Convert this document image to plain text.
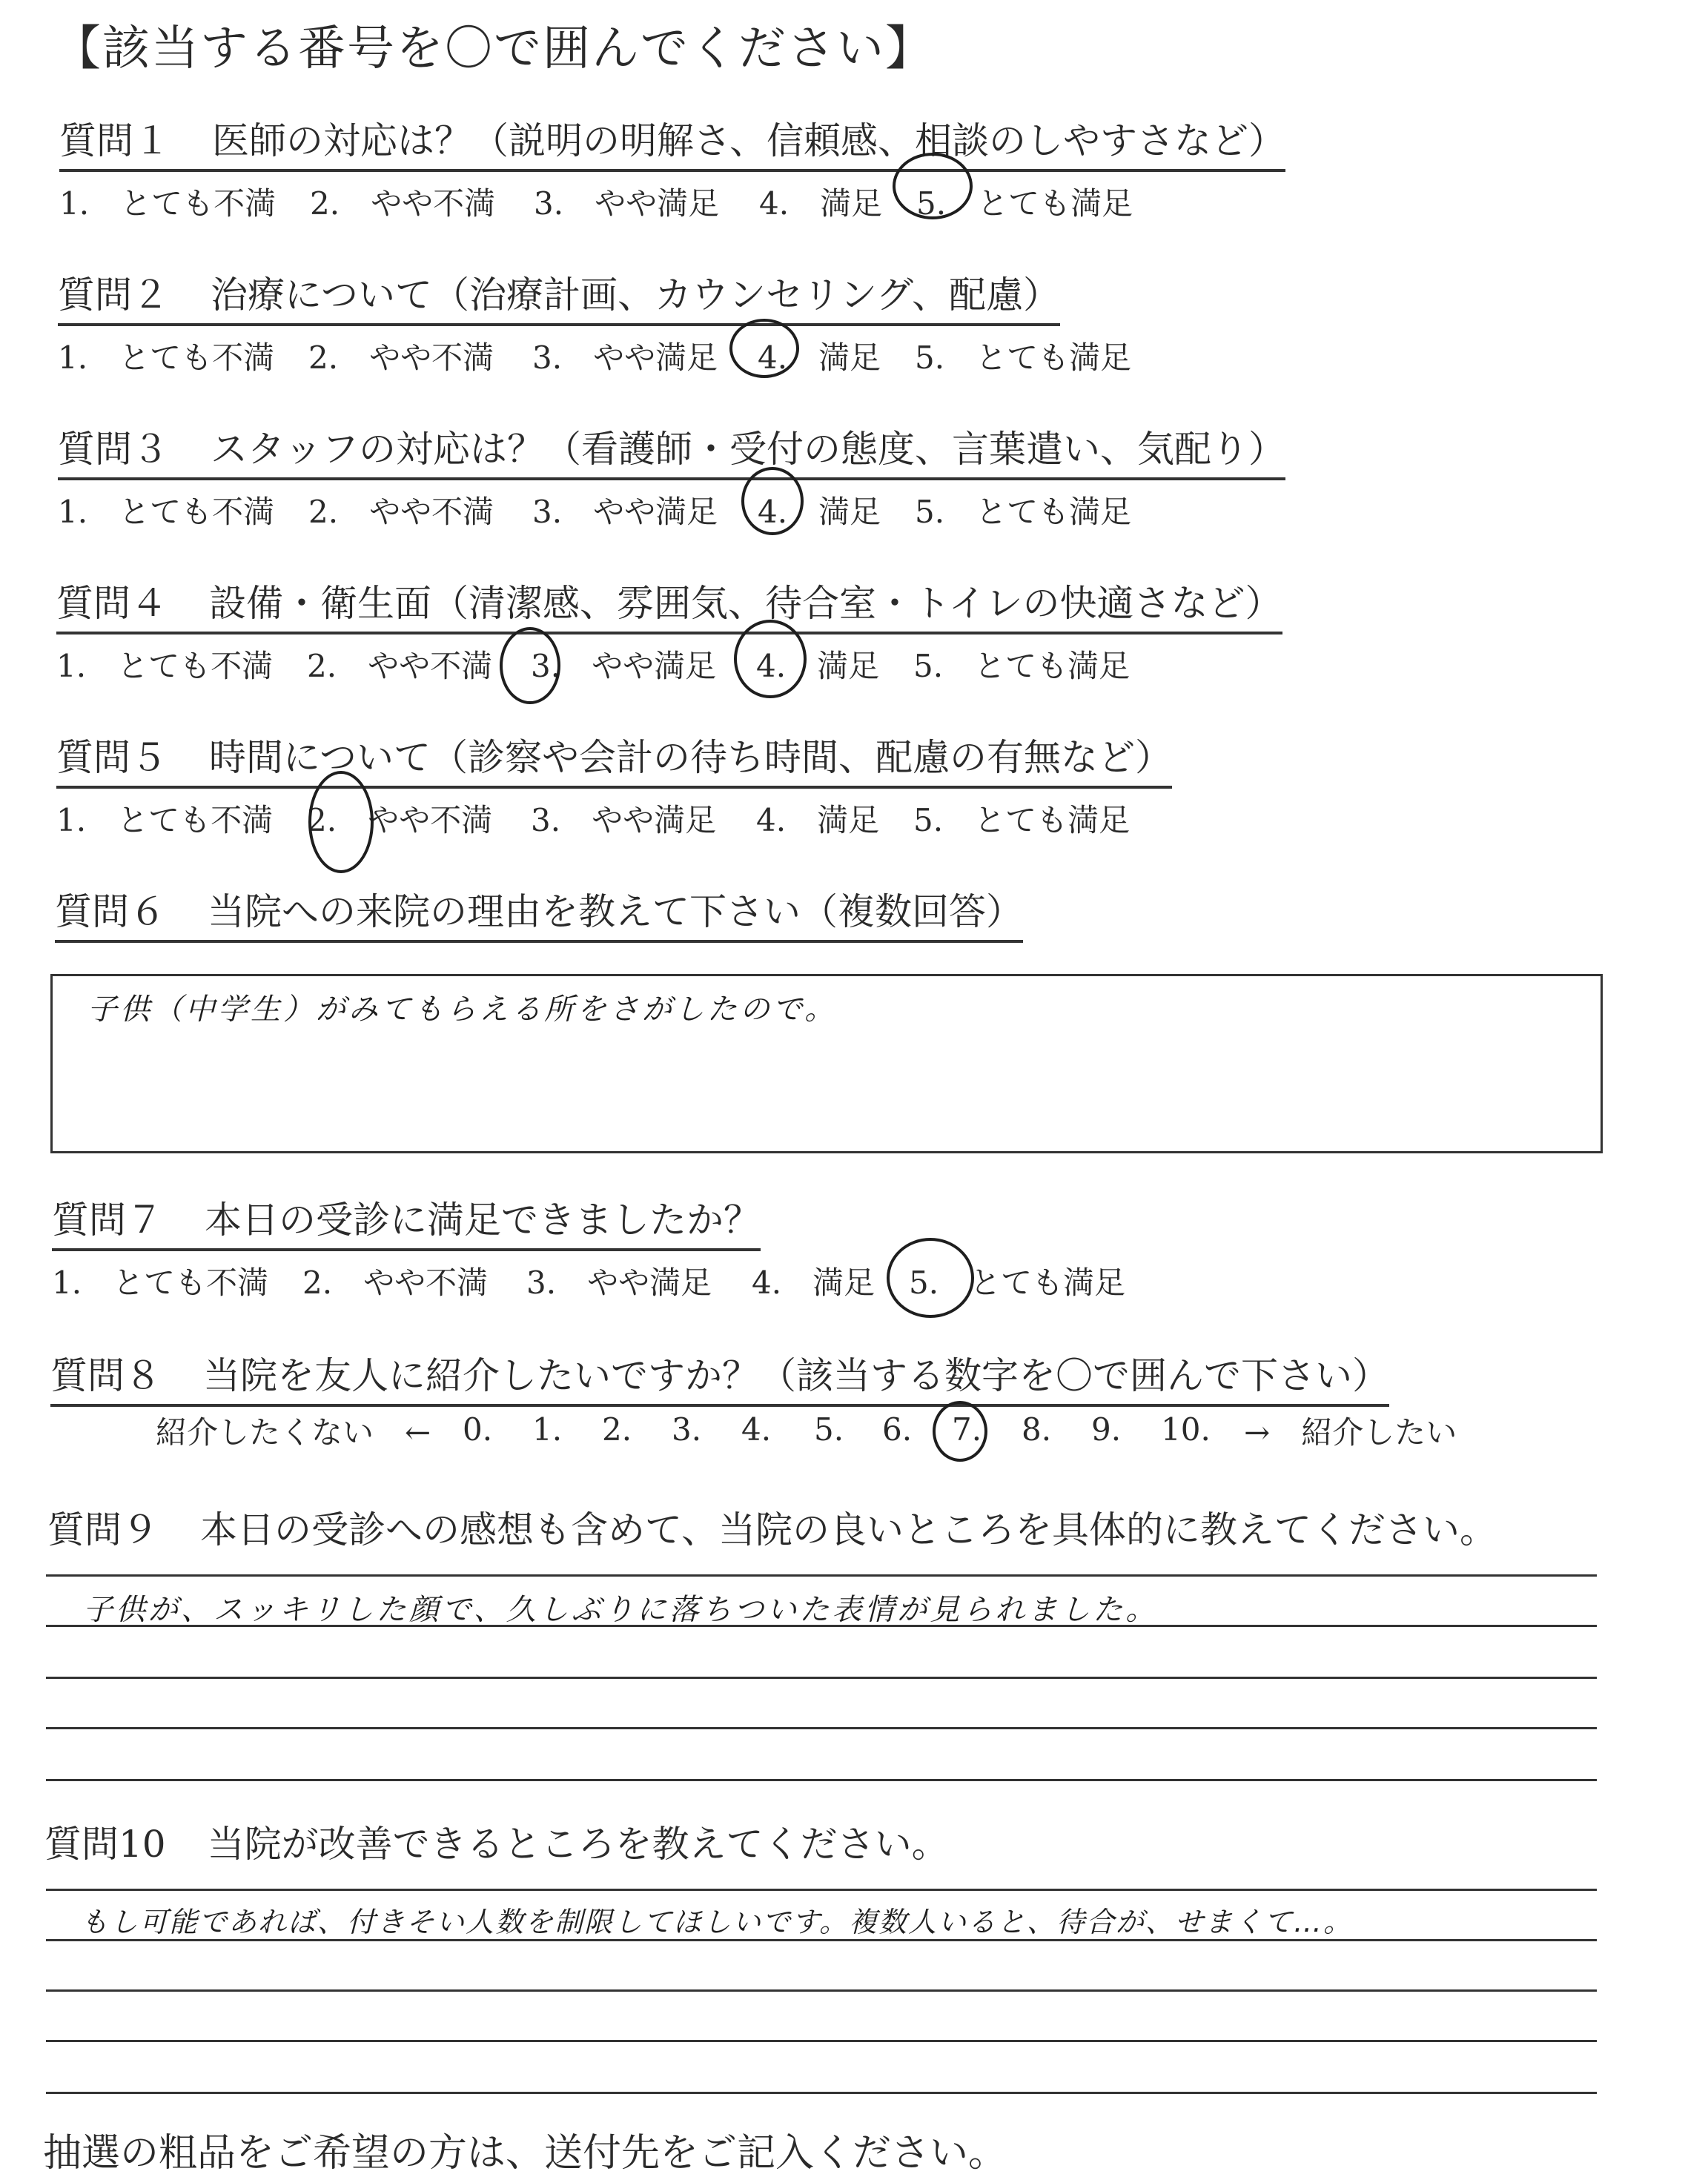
【該当する番号を〇で囲んでください】
質問１ 医師の対応は？（説明の明解さ、信頼感、相談のしやすさなど）
1.　とても不満 2.　やや不満 3.　やや満足 4.　満足 5.　とても満足
質問２ 治療について（治療計画、カウンセリング、配慮）
1.　とても不満 2.　やや不満 3.　やや満足 4.　満足 5.　とても満足
質問３ スタッフの対応は？（看護師・受付の態度、言葉遣い、気配り）
1.　とても不満 2.　やや不満 3.　やや満足 4.　満足 5.　とても満足
質問４ 設備・衛生面（清潔感、雰囲気、待合室・トイレの快適さなど）
1.　とても不満 2.　やや不満 3.　やや満足 4.　満足 5.　とても満足
質問５ 時間について（診察や会計の待ち時間、配慮の有無など）
1.　とても不満 2.　やや不満 3.　やや満足 4.　満足 5.　とても満足
質問６ 当院への来院の理由を教えて下さい（複数回答）
子供（中学生）がみてもらえる所をさがしたので。
質問７ 本日の受診に満足できましたか？
1.　とても不満 2.　やや不満 3.　やや満足 4.　満足 5.　とても満足
質問８ 当院を友人に紹介したいですか？（該当する数字を〇で囲んで下さい）
紹介したくない　← 0. 1. 2. 3. 4. 5. 6. 7. 8. 9. 10. →　紹介したい
質問９ 本日の受診への感想も含めて、当院の良いところを具体的に教えてください。
子供が、スッキリした顔で、久しぶりに落ちついた表情が見られました。
質問10 当院が改善できるところを教えてください。
もし可能であれば、付きそい人数を制限してほしいです。複数人いると、待合が、せまくて…。
抽選の粗品をご希望の方は、送付先をご記入ください。
